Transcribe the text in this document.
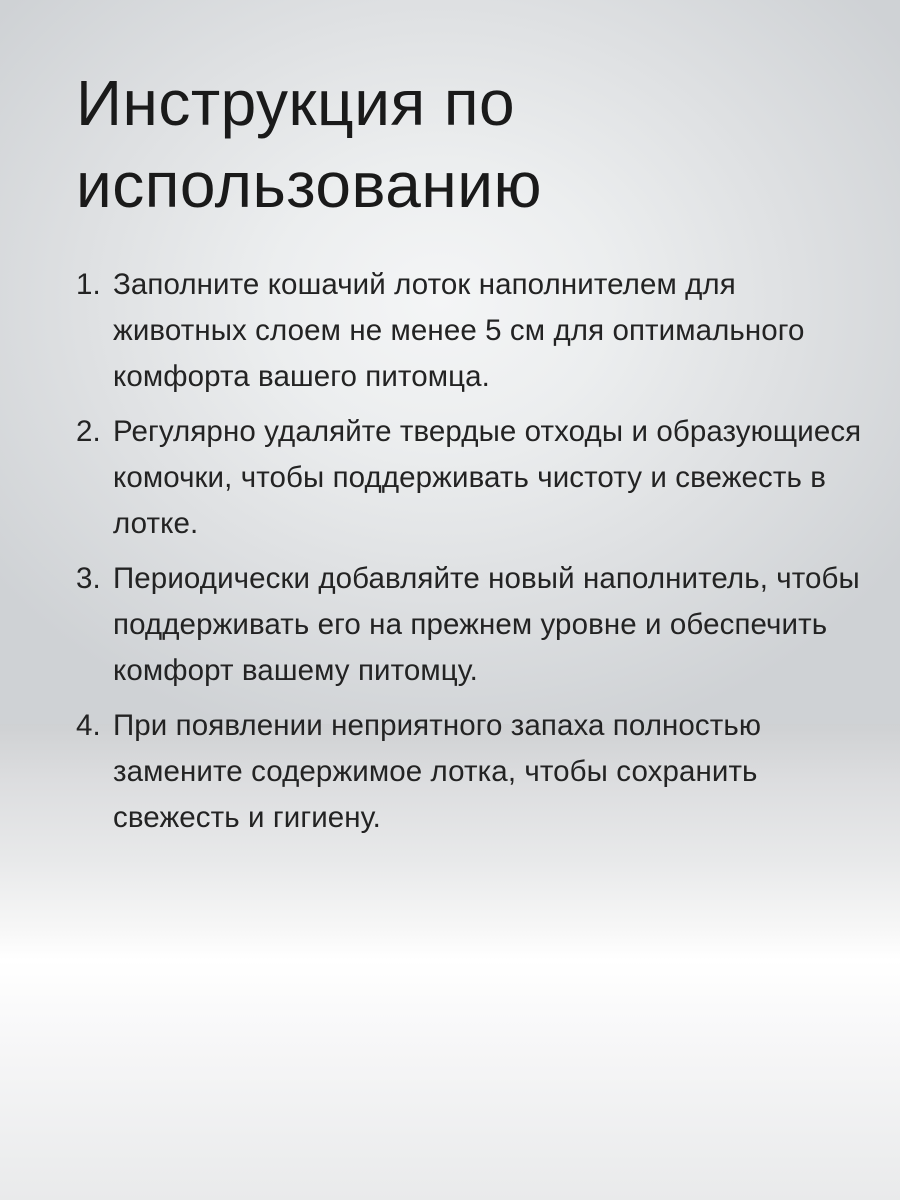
Инструкция по использованию
1. Заполните кошачий лоток наполнителем для животных слоем не менее 5 см для оптимального комфорта вашего питомца.
2. Регулярно удаляйте твердые отходы и образующиеся комочки, чтобы поддерживать чистоту и свежесть в лотке.
3. Периодически добавляйте новый наполнитель, чтобы поддерживать его на прежнем уровне и обеспечить комфорт вашему питомцу.
4. При появлении неприятного запаха полностью замените содержимое лотка, чтобы сохранить свежесть и гигиену.
